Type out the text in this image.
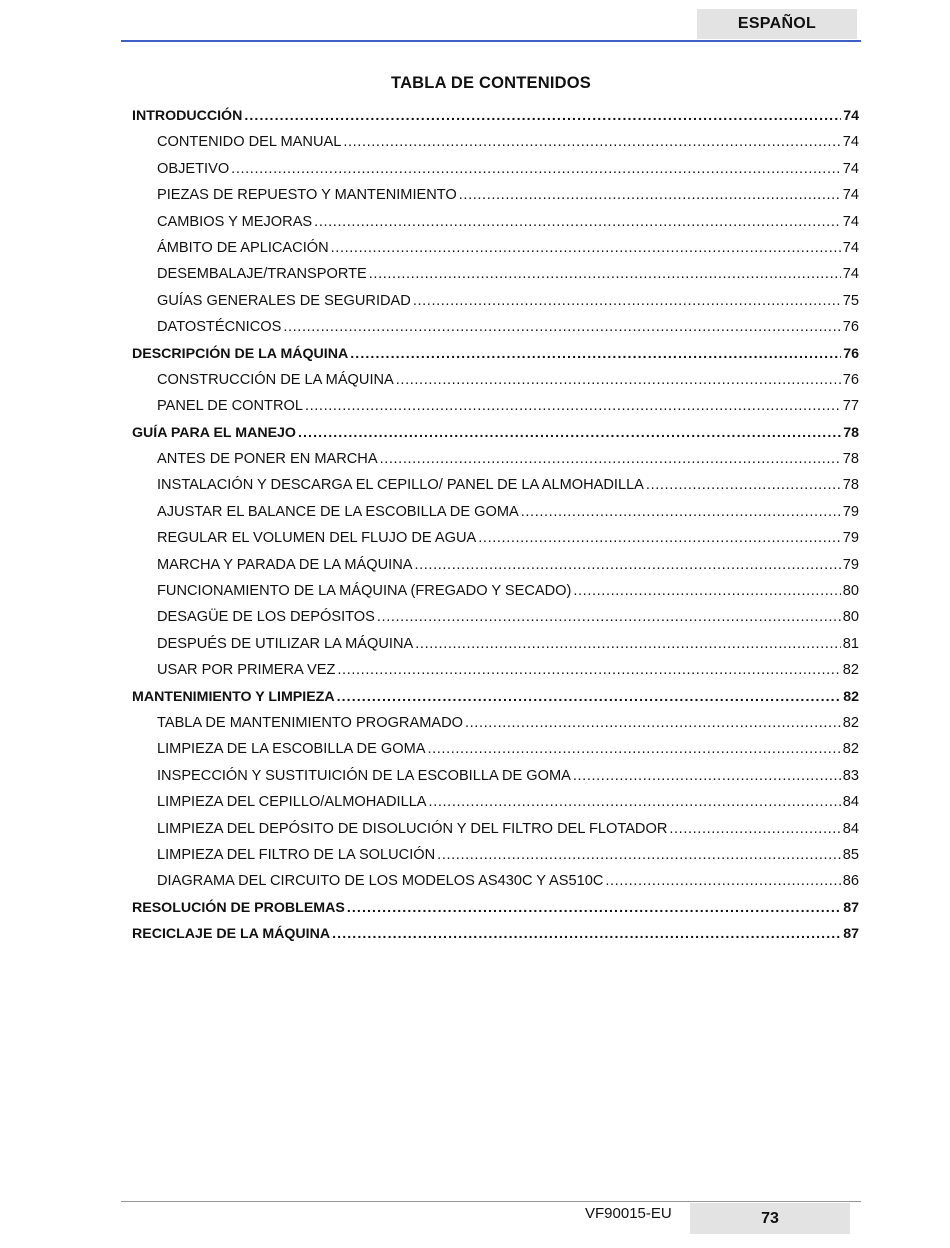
ESPAÑOL
TABLA DE CONTENIDOS
INTRODUCCIÓN .....	74
CONTENIDO DEL MANUAL .....	74
OBJETIVO .....	74
PIEZAS DE REPUESTO Y MANTENIMIENTO .....	74
CAMBIOS Y MEJORAS .....	74
ÁMBITO DE APLICACIÓN .....	74
DESEMBALAJE/TRANSPORTE .....	74
GUÍAS GENERALES DE SEGURIDAD .....	75
DATOSTÉCNICOS .....	76
DESCRIPCIÓN DE LA MÁQUINA .....	76
CONSTRUCCIÓN DE LA MÁQUINA .....	76
PANEL DE CONTROL .....	77
GUÍA PARA EL MANEJO .....	78
ANTES DE PONER EN MARCHA .....	78
INSTALACIÓN Y DESCARGA EL CEPILLO/ PANEL DE LA ALMOHADILLA .....	78
AJUSTAR EL BALANCE DE LA ESCOBILLA DE GOMA .....	79
REGULAR EL VOLUMEN DEL FLUJO DE AGUA .....	79
MARCHA Y PARADA DE LA MÁQUINA .....	79
FUNCIONAMIENTO DE LA MÁQUINA (FREGADO Y SECADO) .....	80
DESAGÜE DE LOS DEPÓSITOS .....	80
DESPUÉS DE UTILIZAR LA MÁQUINA .....	81
USAR POR PRIMERA VEZ .....	82
MANTENIMIENTO Y LIMPIEZA .....	82
TABLA DE MANTENIMIENTO PROGRAMADO .....	82
LIMPIEZA DE LA ESCOBILLA DE GOMA .....	82
INSPECCIÓN Y SUSTITUICIÓN DE LA ESCOBILLA DE GOMA .....	83
LIMPIEZA DEL CEPILLO/ALMOHADILLA .....	84
LIMPIEZA DEL DEPÓSITO DE DISOLUCIÓN Y DEL FILTRO DEL FLOTADOR .....	84
LIMPIEZA DEL FILTRO DE LA SOLUCIÓN .....	85
DIAGRAMA DEL CIRCUITO DE LOS MODELOS AS430C Y AS510C .....	86
RESOLUCIÓN DE PROBLEMAS .....	87
RECICLAJE DE LA MÁQUINA .....	87
VF90015-EU	73
